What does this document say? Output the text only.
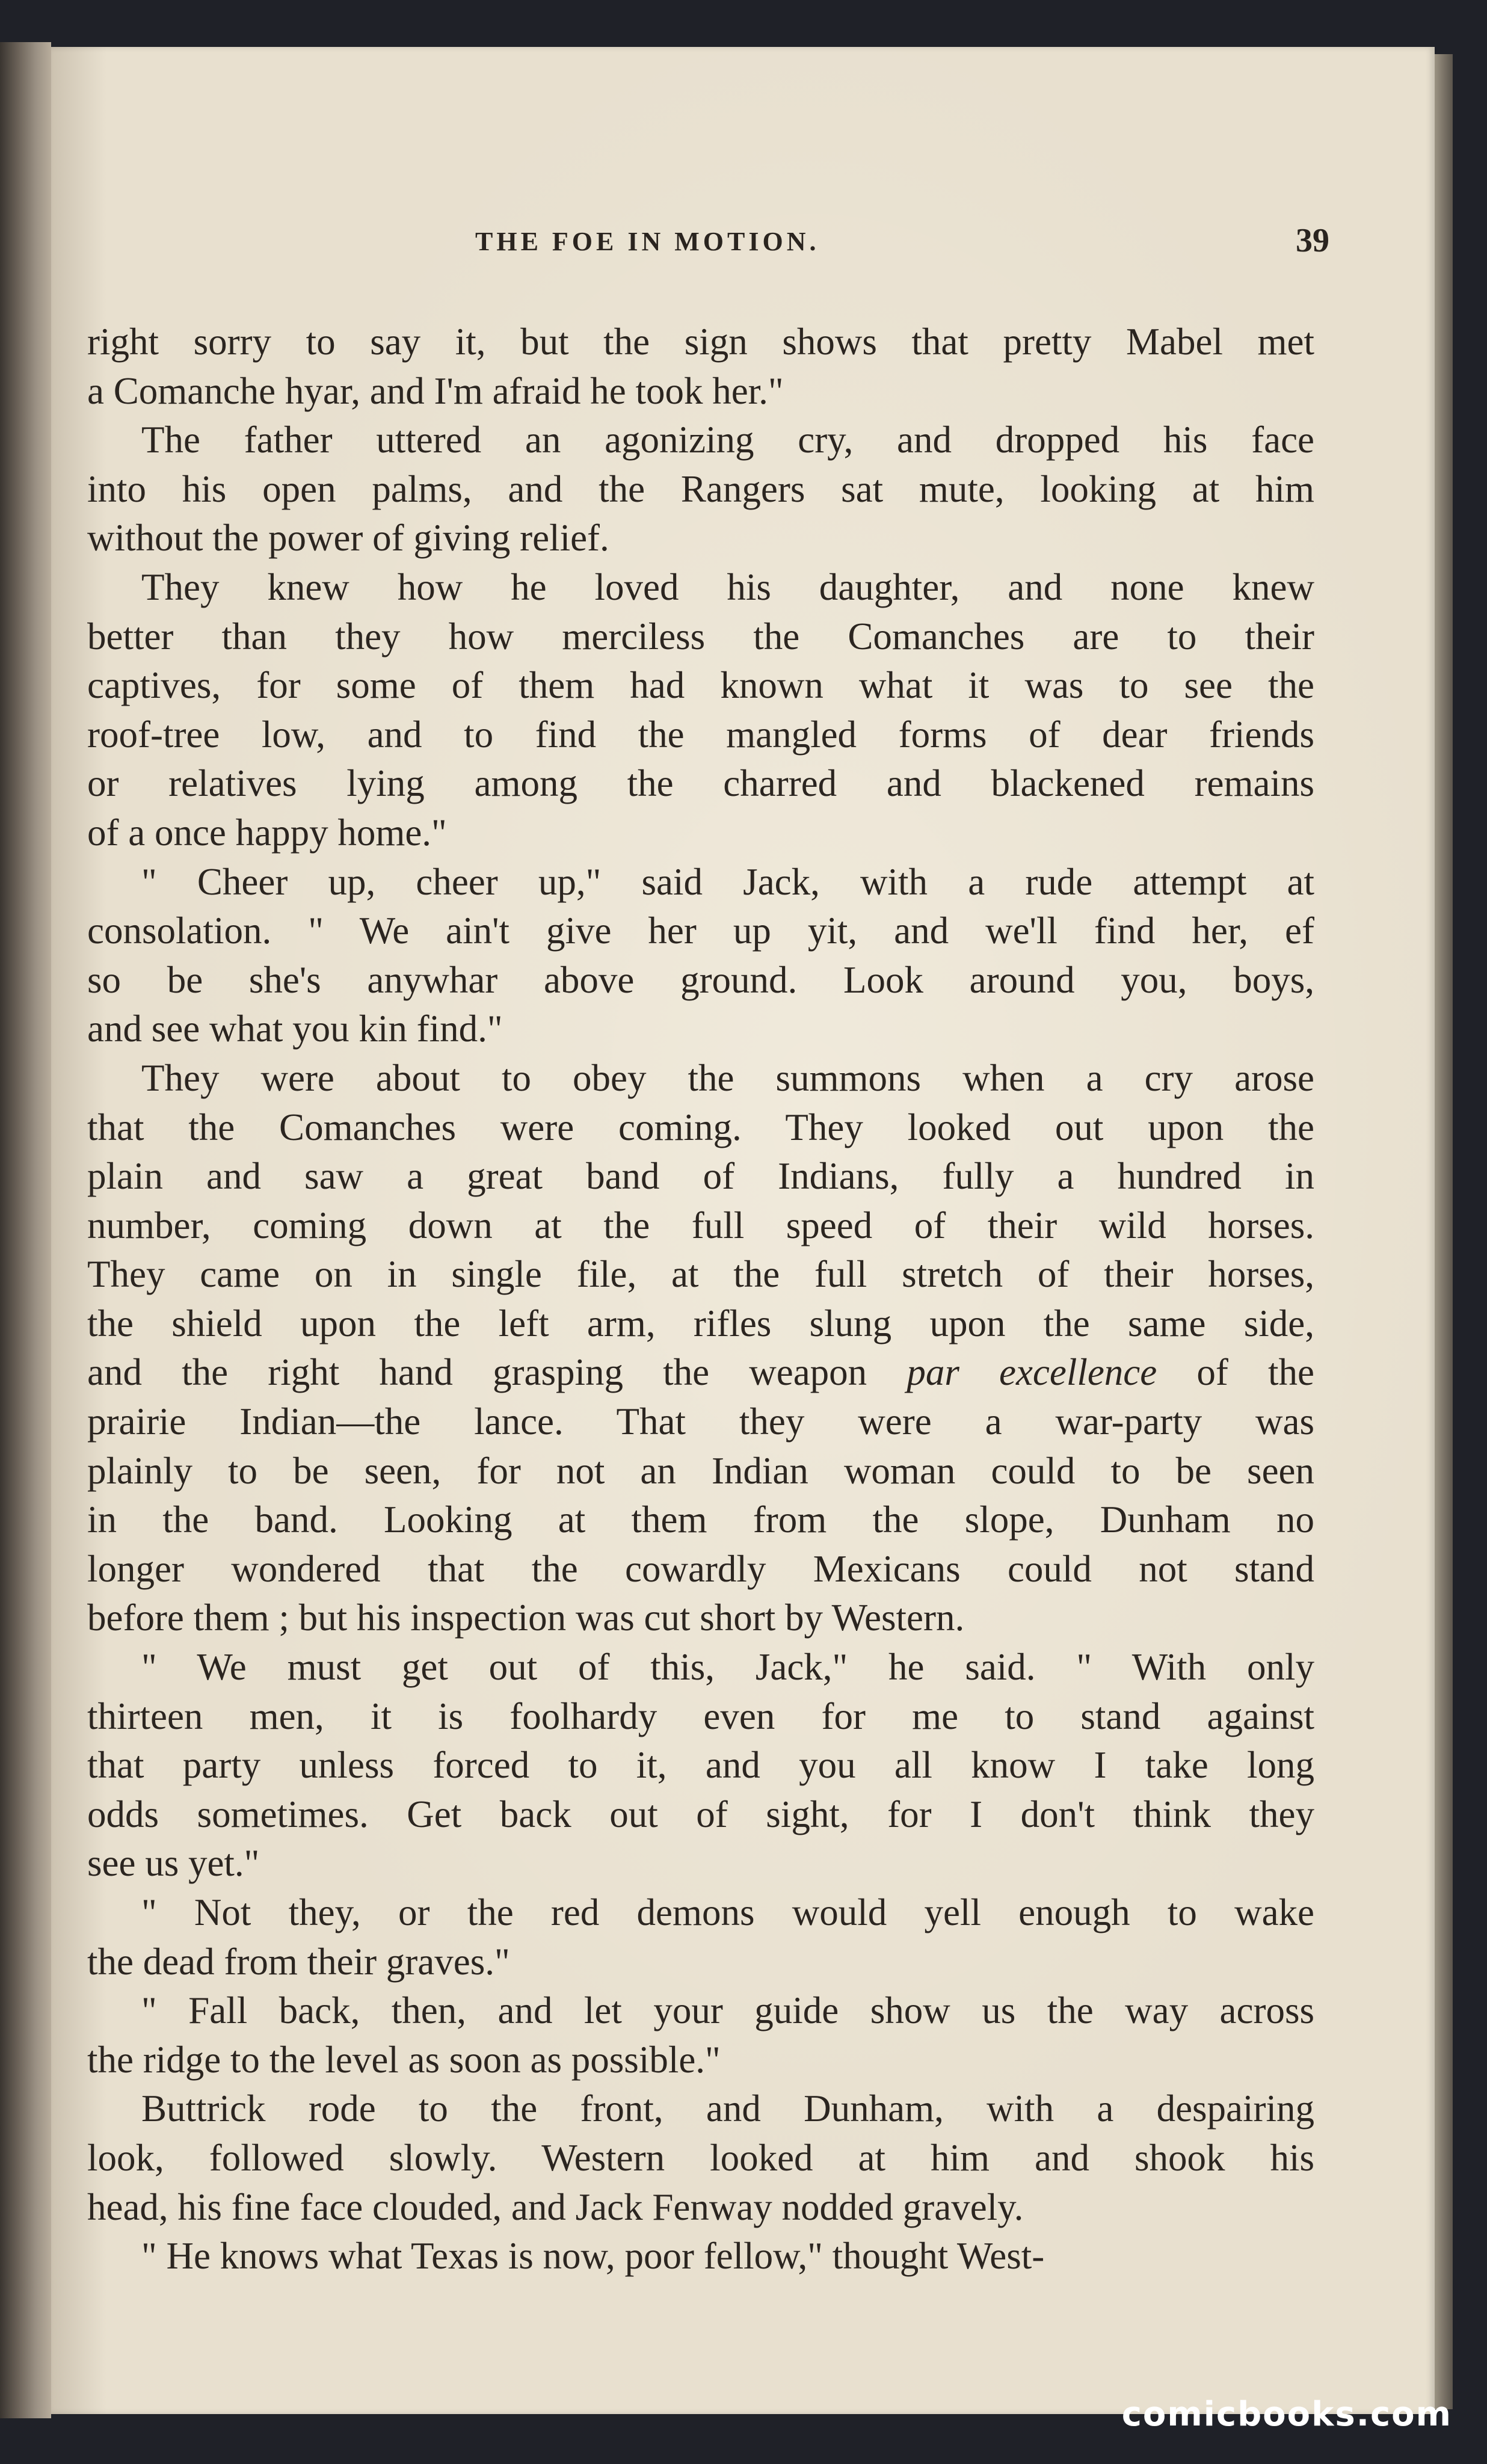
THE FOE IN MOTION.	39

right sorry to say it, but the sign shows that pretty Mabel met
a Comanche hyar, and I'm afraid he took her."

The father uttered an agonizing cry, and dropped his face
into his open palms, and the Rangers sat mute, looking at him
without the power of giving relief.

They knew how he loved his daughter, and none knew
better than they how merciless the Comanches are to their
captives, for some of them had known what it was to see the
roof-tree low, and to find the mangled forms of dear friends
or relatives lying among the charred and blackened remains
of a once happy home."

" Cheer up, cheer up," said Jack, with a rude attempt at
consolation. " We ain't give her up yit, and we'll find her, ef
so be she's anywhar above ground. Look around you, boys,
and see what you kin find."

They were about to obey the summons when a cry arose
that the Comanches were coming. They looked out upon the
plain and saw a great band of Indians, fully a hundred in
number, coming down at the full speed of their wild horses.
They came on in single file, at the full stretch of their horses,
the shield upon the left arm, rifles slung upon the same side,
and the right hand grasping the weapon par excellence of the
prairie Indian—the lance. That they were a war-party was
plainly to be seen, for not an Indian woman could to be seen
in the band. Looking at them from the slope, Dunham no
longer wondered that the cowardly Mexicans could not stand
before them ; but his inspection was cut short by Western.

" We must get out of this, Jack," he said. " With only
thirteen men, it is foolhardy even for me to stand against
that party unless forced to it, and you all know I take long
odds sometimes. Get back out of sight, for I don't think they
see us yet."

" Not they, or the red demons would yell enough to wake
the dead from their graves."

" Fall back, then, and let your guide show us the way across
the ridge to the level as soon as possible."

Buttrick rode to the front, and Dunham, with a despairing
look, followed slowly. Western looked at him and shook his
head, his fine face clouded, and Jack Fenway nodded gravely.

" He knows what Texas is now, poor fellow," thought West-

comicbooks.com
